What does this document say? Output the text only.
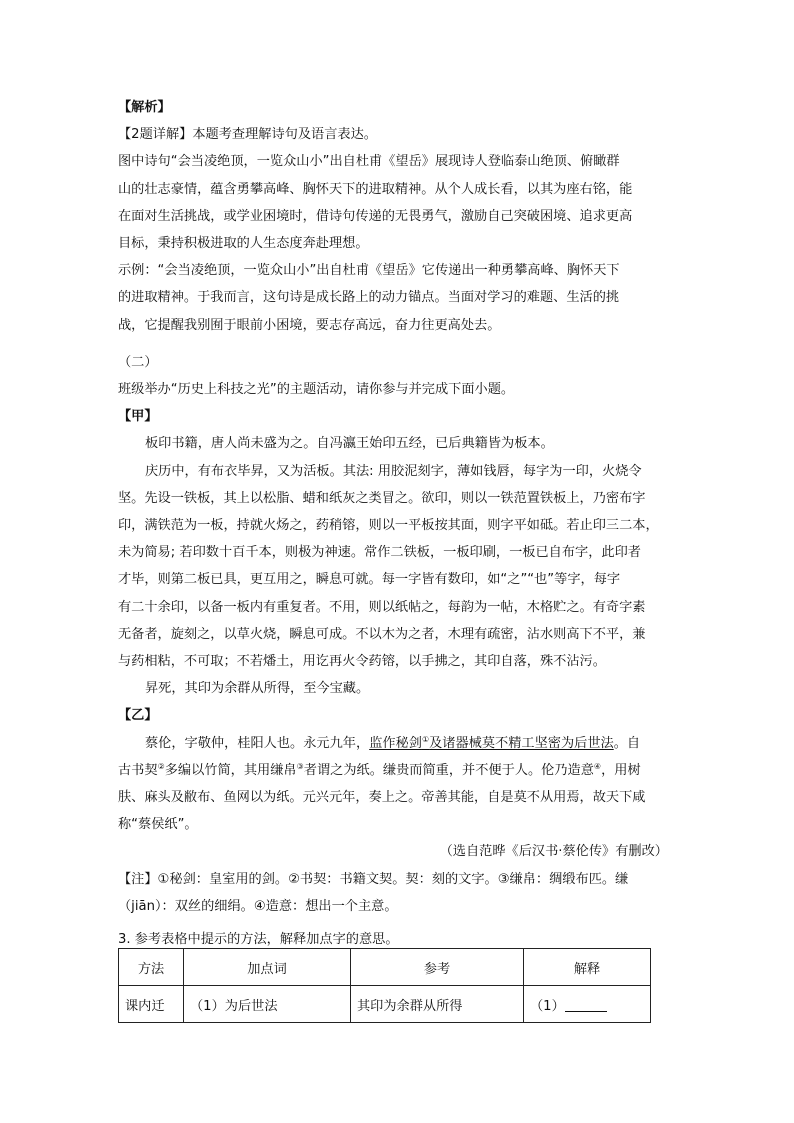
【解析】
【2题详解】本题考查理解诗句及语言表达。
图中诗句“会当凌绝顶，一览众山小”出自杜甫《望岳》展现诗人登临泰山绝顶、俯瞰群
山的壮志豪情，蕴含勇攀高峰、胸怀天下的进取精神。从个人成长看，以其为座右铭，能
在面对生活挑战，或学业困境时，借诗句传递的无畏勇气，激励自己突破困境、追求更高
目标，秉持积极进取的人生态度奔赴理想。
示例：“会当凌绝顶，一览众山小”出自杜甫《望岳》它传递出一种勇攀高峰、胸怀天下
的进取精神。于我而言，这句诗是成长路上的动力锚点。当面对学习的难题、生活的挑
战，它提醒我别囿于眼前小困境，要志存高远，奋力往更高处去。
（二）
班级举办“历史上科技之光”的主题活动，请你参与并完成下面小题。
【甲】
板印书籍，唐人尚未盛为之。自冯瀛王始印五经，已后典籍皆为板本。
庆历中，有布衣毕昇，又为活板。其法: 用胶泥刻字，薄如钱唇，每字为一印，火烧令
坚。先设一铁板，其上以松脂、蜡和纸灰之类冒之。欲印，则以一铁范置铁板上，乃密布字
印，满铁范为一板，持就火炀之，药稍镕，则以一平板按其面，则字平如砥。若止印三二本，
未为简易; 若印数十百千本，则极为神速。常作二铁板，一板印刷，一板已自布字，此印者
才毕，则第二板已具，更互用之，瞬息可就。每一字皆有数印，如“之”“也”等字，每字
有二十余印，以备一板内有重复者。不用，则以纸帖之，每韵为一帖，木格贮之。有奇字素
无备者，旋刻之，以草火烧，瞬息可成。不以木为之者，木理有疏密，沾水则高下不平，兼
与药相粘，不可取；不若燔土，用讫再火令药镕，以手拂之，其印自落，殊不沾污。
昇死，其印为余群从所得，至今宝藏。
【乙】
蔡伦，字敬仲，桂阳人也。永元九年，监作秘剑①及诸器械莫不精工坚密为后世法。自
古书契②多编以竹简，其用缣帛③者谓之为纸。缣贵而简重，并不便于人。伦乃造意④，用树
肤、麻头及敝布、鱼网以为纸。元兴元年，奏上之。帝善其能，自是莫不从用焉，故天下咸
称“蔡侯纸”。
（选自范晔《后汉书·蔡伦传》有删改）
【注】①秘剑：皇室用的剑。②书契：书籍文契。契：刻的文字。③缣帛：绸缎布匹。缣
（jiān）：双丝的细绢。④造意：想出一个主意。
3. 参考表格中提示的方法，解释加点字的意思。
方法	加点词	参考	解释
课内迁	（1）为后世法	其印为余群从所得	（1）
